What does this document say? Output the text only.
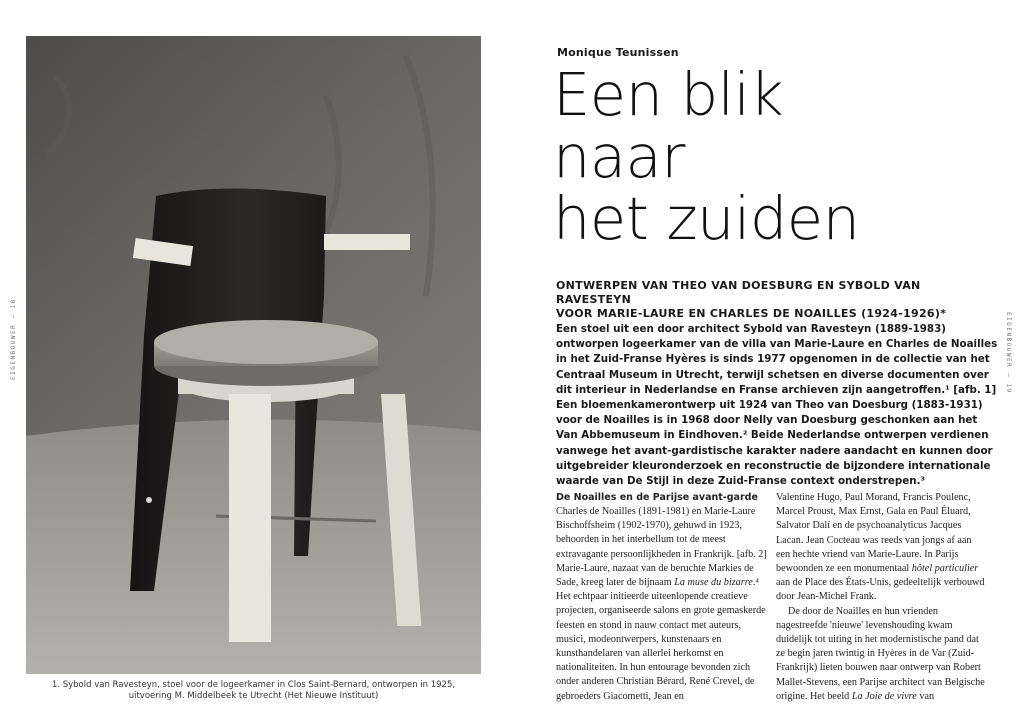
1. Sybold van Ravesteyn, stoel voor de logeerkamer in Clos Saint-Bernard, ontworpen in 1925,
uitvoering M. Middelbeek te Utrecht (Het Nieuwe Instituut)
EIGENBOUWER — 18	EIGENBOUWER — 19
Monique Teunissen
Een blik
naar
het zuiden
ONTWERPEN VAN THEO VAN DOESBURG EN SYBOLD VAN RAVESTEYN
VOOR MARIE-LAURE EN CHARLES DE NOAILLES (1924-1926)*
Een stoel uit een door architect Sybold van Ravesteyn (1889-1983) ontworpen logeerkamer van de villa van Marie-Laure en Charles de Noailles in het Zuid-Franse Hyères is sinds 1977 opgenomen in de collectie van het Centraal Museum in Utrecht, terwijl schetsen en diverse documenten over dit interieur in Nederlandse en Franse archieven zijn aangetroffen.¹ [afb. 1] Een bloemenkamerontwerp uit 1924 van Theo van Doesburg (1883-1931) voor de Noailles is in 1968 door Nelly van Doesburg geschonken aan het Van Abbemuseum in Eindhoven.² Beide Nederlandse ontwerpen verdienen vanwege het avant-gardistische karakter nadere aandacht en kunnen door uitgebreider kleuronderzoek en reconstructie de bijzondere internationale waarde van De Stijl in deze Zuid-Franse context onderstrepen.³
De Noailles en de Parijse avant-garde

Charles de Noailles (1891-1981) en Marie-Laure Bischoffsheim (1902-1970), gehuwd in 1923, behoorden in het interbellum tot de meest extravagante persoonlijkheden in Frankrijk. [afb. 2] Marie-Laure, nazaat van de beruchte Markies de Sade, kreeg later de bijnaam La muse du bizarre.⁴ Het echtpaar initieerde uiteenlopende creatieve projecten, organiseerde salons en grote gemaskerde feesten en stond in nauw contact met auteurs, musici, modeontwerpers, kunstenaars en kunsthandelaren van allerlei herkomst en nationaliteiten. In hun entourage bevonden zich onder anderen Christian Bérard, René Crevel, de gebroeders Giacometti, Jean en

Valentine Hugo, Paul Morand, Francis Poulenc, Marcel Proust, Max Ernst, Gala en Paul Éluard, Salvator Dalí en de psychoanalyticus Jacques Lacan. Jean Cocteau was reeds van jongs af aan een hechte vriend van Marie-Laure. In Parijs bewoonden ze een monumentaal hôtel particulier aan de Place des États-Unis, gedeeltelijk verbouwd door Jean-Michel Frank.

De door de Noailles en hun vrienden nagestreefde 'nieuwe' levenshouding kwam duidelijk tot uiting in het modernistische pand dat ze begin jaren twintig in Hyères in de Var (Zuid-Frankrijk) lieten bouwen naar ontwerp van Robert Mallet-Stevens, een Parijse architect van Belgische origine. Het beeld La Joie de vivre van
